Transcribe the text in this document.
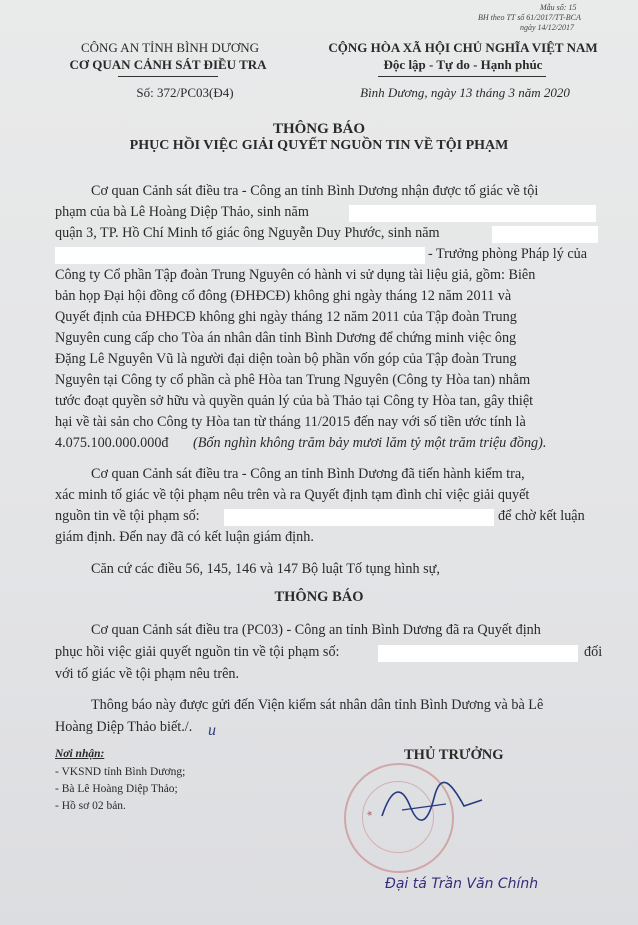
Mẫu số: 15
BH theo TT số 61/2017/TT-BCA
ngày 14/12/2017
CÔNG AN TỈNH BÌNH DƯƠNG
CƠ QUAN CẢNH SÁT ĐIỀU TRA
Số: 372/PC03(Đ4)
CỘNG HÒA XÃ HỘI CHỦ NGHĨA VIỆT NAM
Độc lập - Tự do - Hạnh phúc
Bình Dương, ngày 13 tháng 3 năm 2020
THÔNG BÁO
PHỤC HỒI VIỆC GIẢI QUYẾT NGUỒN TIN VỀ TỘI PHẠM
Cơ quan Cảnh sát điều tra - Công an tỉnh Bình Dương nhận được tố giác về tội
phạm của bà Lê Hoàng Diệp Thảo, sinh năm
quận 3, TP. Hồ Chí Minh tố giác ông Nguyễn Duy Phước, sinh năm
- Trưởng phòng Pháp lý của
Công ty Cổ phần Tập đoàn Trung Nguyên có hành vi sử dụng tài liệu giả, gồm: Biên
bản họp Đại hội đồng cổ đông (ĐHĐCĐ) không ghi ngày tháng 12 năm 2011 và
Quyết định của ĐHĐCĐ không ghi ngày tháng 12 năm 2011 của Tập đoàn Trung
Nguyên cung cấp cho Tòa án nhân dân tỉnh Bình Dương để chứng minh việc ông
Đặng Lê Nguyên Vũ là người đại diện toàn bộ phần vốn góp của Tập đoàn Trung
Nguyên tại Công ty cổ phần cà phê Hòa tan Trung Nguyên (Công ty Hòa tan) nhằm
tước đoạt quyền sở hữu và quyền quản lý của bà Thảo tại Công ty Hòa tan, gây thiệt
hại về tài sản cho Công ty Hòa tan từ tháng 11/2015 đến nay với số tiền ước tính là
4.075.100.000.000đ (Bốn nghìn không trăm bảy mươi lăm tỷ một trăm triệu đồng).
Cơ quan Cảnh sát điều tra - Công an tỉnh Bình Dương đã tiến hành kiểm tra,
xác minh tố giác về tội phạm nêu trên và ra Quyết định tạm đình chỉ việc giải quyết
nguồn tin về tội phạm số:	để chờ kết luận
giám định. Đến nay đã có kết luận giám định.
Căn cứ các điều 56, 145, 146 và 147 Bộ luật Tố tụng hình sự,
THÔNG BÁO
Cơ quan Cảnh sát điều tra (PC03) - Công an tỉnh Bình Dương đã ra Quyết định
phục hồi việc giải quyết nguồn tin về tội phạm số:	đối
với tố giác về tội phạm nêu trên.
Thông báo này được gửi đến Viện kiểm sát nhân dân tỉnh Bình Dương và bà Lê
Hoàng Diệp Thảo biết./. u
Nơi nhận:
- VKSND tỉnh Bình Dương;
- Bà Lê Hoàng Diệp Thảo;
- Hồ sơ 02 bản.
THỦ TRƯỞNG
★
Đại tá Trần Văn Chính
